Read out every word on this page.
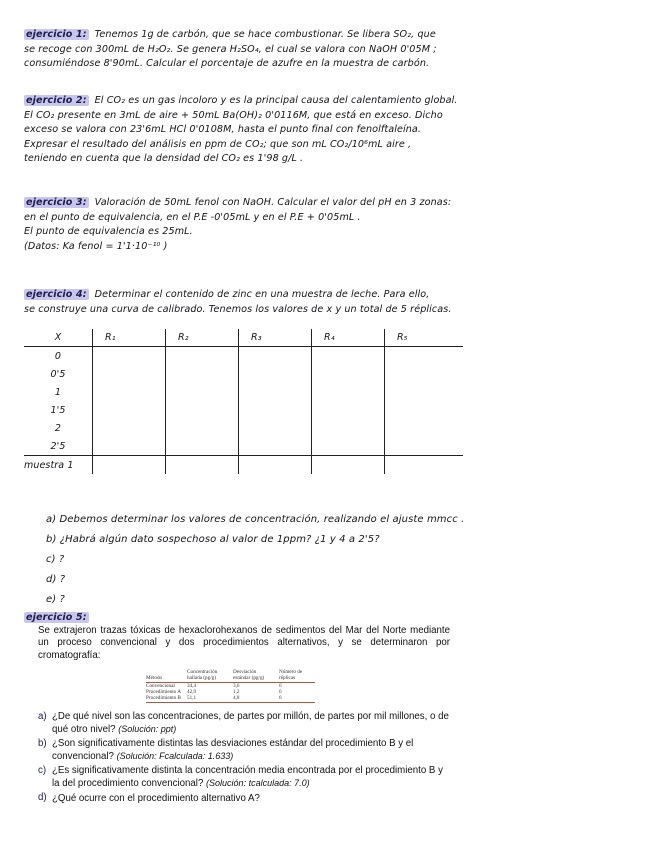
ejercicio 1: Tenemos 1g de carbón, que se hace combustionar. Se libera SO₂, que
se recoge con 300mL de H₂O₂. Se genera H₂SO₄, el cual se valora con NaOH 0'05M ;
consumiéndose 8'90mL. Calcular el porcentaje de azufre en la muestra de carbón.
ejercicio 2: El CO₂ es un gas incoloro y es la principal causa del calentamiento global.
El CO₂ presente en 3mL de aire + 50mL Ba(OH)₂ 0'0116M, que está en exceso. Dicho
exceso se valora con 23'6mL HCl 0'0108M, hasta el punto final con fenolftaleína.
Expresar el resultado del análisis en ppm de CO₂; que son mL CO₂/10⁶mL aire ,
teniendo en cuenta que la densidad del CO₂ es 1'98 g/L .
ejercicio 3: Valoración de 50mL fenol con NaOH. Calcular el valor del pH en 3 zonas:
en el punto de equivalencia, en el P.E -0'05mL y en el P.E + 0'05mL .
El punto de equivalencia es 25mL.
(Datos: Ka fenol = 1'1·10⁻¹⁰ )
ejercicio 4: Determinar el contenido de zinc en una muestra de leche. Para ello,
se construye una curva de calibrado. Tenemos los valores de x y un total de 5 réplicas.
X	R₁	R₂	R₃	R₄	R₅
0					
0'5					
1					
1'5					
2					
2'5					
muestra 1					
a) Debemos determinar los valores de concentración, realizando el ajuste mmcc .
b) ¿Habrá algún dato sospechoso al valor de 1ppm? ¿1 y 4 a 2'5?
c) ?
d) ?
e) ?
ejercicio 5:

Se extrajeron trazas tóxicas de hexaclorohexanos de sedimentos del Mar del Norte mediante un proceso convencional y dos procedimientos alternativos, y se determinaron por cromatografía:

Método	Concentración hallada (pg/g)	Desviación estándar (pg/g)	Número de réplicas
Convencional	34,4	3,6	6
Procedimiento A	42,9	1,2	6
Procedimiento B	51,1	4,8	6
a) ¿De qué nivel son las concentraciones, de partes por millón, de partes por mil millones, o de qué otro nivel? (Solución: ppt)
b) ¿Son significativamente distintas las desviaciones estándar del procedimiento B y el convencional? (Solución: Fcalculada: 1.633)
c) ¿Es significativamente distinta la concentración media encontrada por el procedimiento B y la del procedimiento convencional? (Solución: tcalculada: 7.0)
d) ¿Qué ocurre con el procedimiento alternativo A?
